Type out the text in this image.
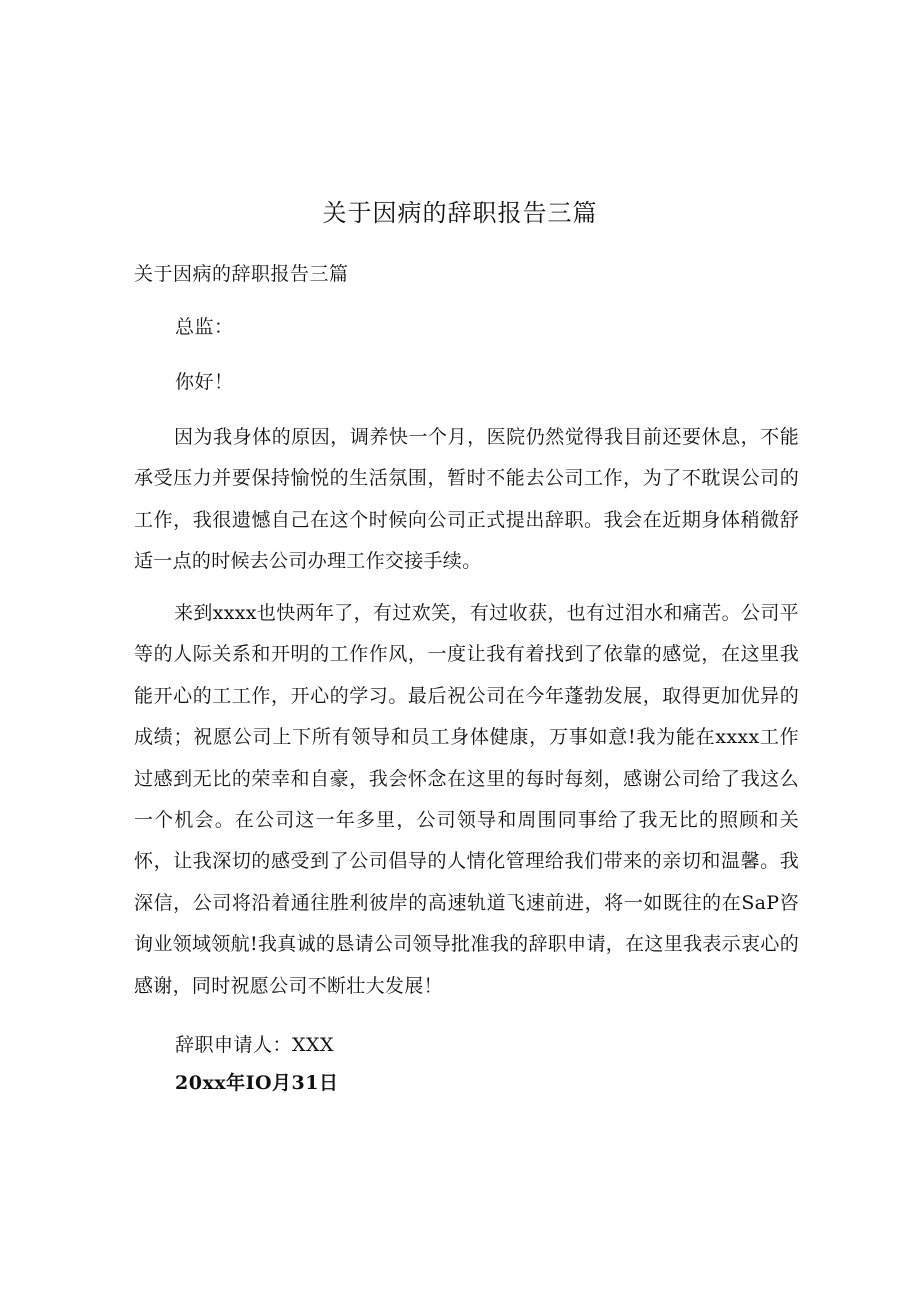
关于因病的辞职报告三篇
关于因病的辞职报告三篇
总监：
你好！

因为我身体的原因，调养快一个月，医院仍然觉得我目前还要休息，不能承受压力并要保持愉悦的生活氛围，暂时不能去公司工作，为了不耽误公司的工作，我很遗憾自己在这个时候向公司正式提出辞职。我会在近期身体稍微舒适一点的时候去公司办理工作交接手续。

来到xxxx也快两年了，有过欢笑，有过收获，也有过泪水和痛苦。公司平等的人际关系和开明的工作作风，一度让我有着找到了依靠的感觉，在这里我能开心的工工作，开心的学习。最后祝公司在今年蓬勃发展，取得更加优异的成绩；祝愿公司上下所有领导和员工身体健康，万事如意!我为能在xxxx工作过感到无比的荣幸和自豪，我会怀念在这里的每时每刻，感谢公司给了我这么一个机会。在公司这一年多里，公司领导和周围同事给了我无比的照顾和关怀，让我深切的感受到了公司倡导的人情化管理给我们带来的亲切和温馨。我深信，公司将沿着通往胜利彼岸的高速轨道飞速前进，将一如既往的在SaP咨询业领域领航!我真诚的恳请公司领导批准我的辞职申请，在这里我表示衷心的感谢，同时祝愿公司不断壮大发展！

辞职申请人：XXX
20xx年IO月31日
